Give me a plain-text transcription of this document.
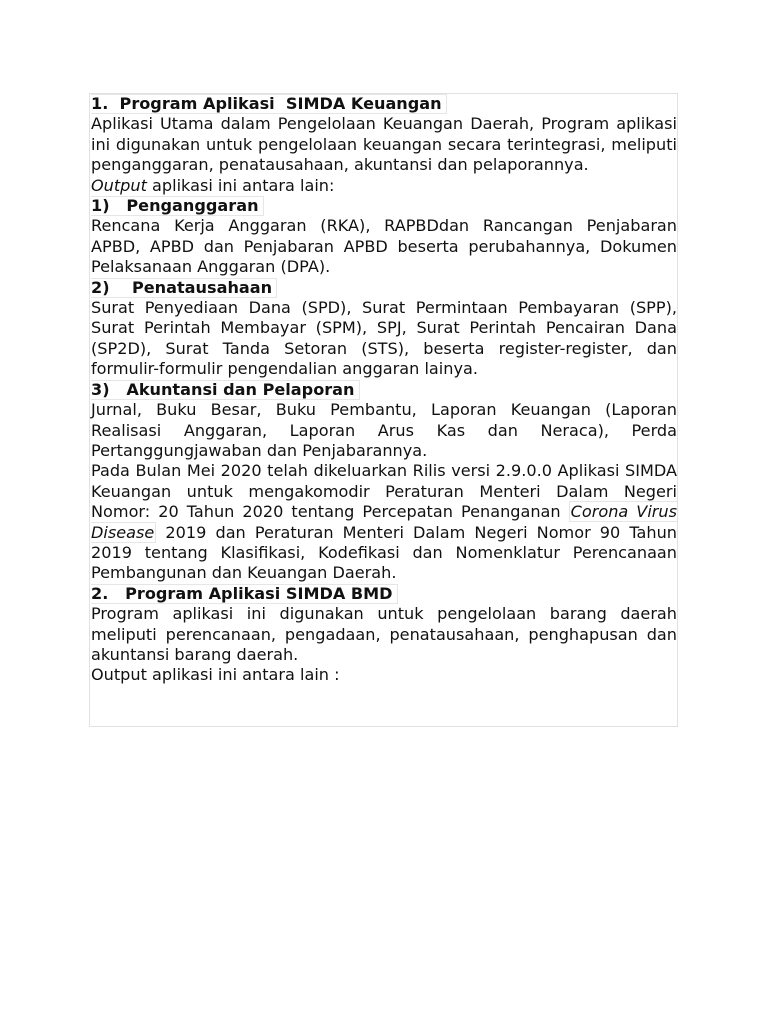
1.  Program Aplikasi  SIMDA Keuangan

Aplikasi Utama dalam Pengelolaan Keuangan Daerah, Program aplikasi ini digunakan untuk pengelolaan keuangan secara terintegrasi, meliputi penganggaran, penatausahaan, akuntansi dan pelaporannya.

Output aplikasi ini antara lain:

1)   Penganggaran

Rencana Kerja Anggaran (RKA), RAPBDdan Rancangan Penjabaran APBD, APBD dan Penjabaran APBD beserta perubahannya, Dokumen Pelaksanaan Anggaran (DPA).

2)    Penatausahaan

Surat Penyediaan Dana (SPD), Surat Permintaan Pembayaran (SPP), Surat Perintah Membayar (SPM), SPJ, Surat Perintah Pencairan Dana (SP2D), Surat Tanda Setoran (STS), beserta register-register, dan formulir-formulir pengendalian anggaran lainya.

3)   Akuntansi dan Pelaporan

Jurnal, Buku Besar, Buku Pembantu, Laporan Keuangan (Laporan Realisasi Anggaran, Laporan Arus Kas dan Neraca), Perda Pertanggungjawaban dan Penjabarannya.

Pada Bulan Mei 2020 telah dikeluarkan Rilis versi 2.9.0.0 Aplikasi SIMDA Keuangan untuk mengakomodir Peraturan Menteri Dalam Negeri Nomor: 20 Tahun 2020 tentang Percepatan Penanganan Corona Virus Disease 2019 dan Peraturan Menteri Dalam Negeri Nomor 90 Tahun 2019 tentang Klasifikasi, Kodefikasi dan Nomenklatur Perencanaan Pembangunan dan Keuangan Daerah.

2.   Program Aplikasi SIMDA BMD

Program aplikasi ini digunakan untuk pengelolaan barang daerah meliputi perencanaan, pengadaan, penatausahaan, penghapusan dan akuntansi barang daerah.

Output aplikasi ini antara lain :
